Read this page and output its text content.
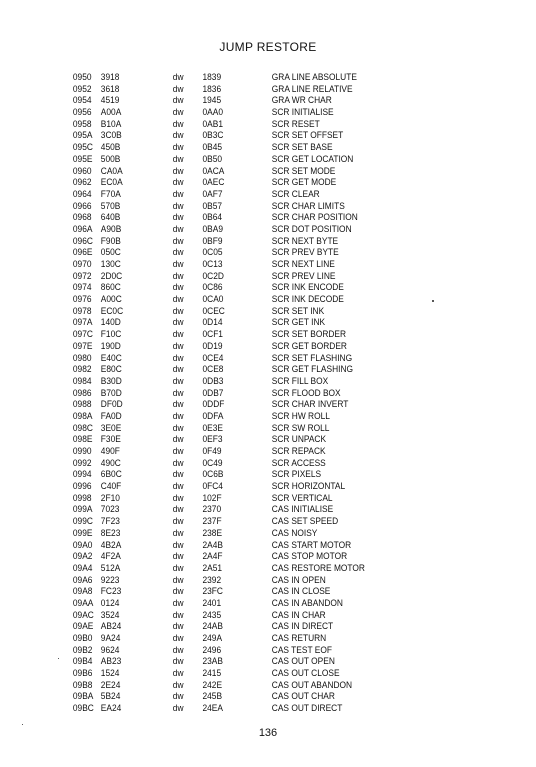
JUMP RESTORE
0950 3918	dw 1839	GRA LINE ABSOLUTE
0952 3618	dw 1836	GRA LINE RELATIVE
0954 4519	dw 1945	GRA WR CHAR
0956 A00A	dw 0AA0	SCR INITIALISE
0958 B10A	dw 0AB1	SCR RESET
095A 3C0B	dw 0B3C	SCR SET OFFSET
095C 450B	dw 0B45	SCR SET BASE
095E 500B	dw 0B50	SCR GET LOCATION
0960 CA0A	dw 0ACA	SCR SET MODE
0962 EC0A	dw 0AEC	SCR GET MODE
0964 F70A	dw 0AF7	SCR CLEAR
0966 570B	dw 0B57	SCR CHAR LIMITS
0968 640B	dw 0B64	SCR CHAR POSITION
096A A90B	dw 0BA9	SCR DOT POSITION
096C F90B	dw 0BF9	SCR NEXT BYTE
096E 050C	dw 0C05	SCR PREV BYTE
0970 130C	dw 0C13	SCR NEXT LINE
0972 2D0C	dw 0C2D	SCR PREV LINE
0974 860C	dw 0C86	SCR INK ENCODE
0976 A00C	dw 0CA0	SCR INK DECODE
0978 EC0C	dw 0CEC	SCR SET INK
097A 140D	dw 0D14	SCR GET INK
097C F10C	dw 0CF1	SCR SET BORDER
097E 190D	dw 0D19	SCR GET BORDER
0980 E40C	dw 0CE4	SCR SET FLASHING
0982 E80C	dw 0CE8	SCR GET FLASHING
0984 B30D	dw 0DB3	SCR FILL BOX
0986 B70D	dw 0DB7	SCR FLOOD BOX
0988 DF0D	dw 0DDF	SCR CHAR INVERT
098A FA0D	dw 0DFA	SCR HW ROLL
098C 3E0E	dw 0E3E	SCR SW ROLL
098E F30E	dw 0EF3	SCR UNPACK
0990 490F	dw 0F49	SCR REPACK
0992 490C	dw 0C49	SCR ACCESS
0994 6B0C	dw 0C6B	SCR PIXELS
0996 C40F	dw 0FC4	SCR HORIZONTAL
0998 2F10	dw 102F	SCR VERTICAL
099A 7023	dw 2370	CAS INITIALISE
099C 7F23	dw 237F	CAS SET SPEED
099E 8E23	dw 238E	CAS NOISY
09A0 4B2A	dw 2A4B	CAS START MOTOR
09A2 4F2A	dw 2A4F	CAS STOP MOTOR
09A4 512A	dw 2A51	CAS RESTORE MOTOR
09A6 9223	dw 2392	CAS IN OPEN
09A8 FC23	dw 23FC	CAS IN CLOSE
09AA 0124	dw 2401	CAS IN ABANDON
09AC 3524	dw 2435	CAS IN CHAR
09AE AB24	dw 24AB	CAS IN DIRECT
09B0 9A24	dw 249A	CAS RETURN
09B2 9624	dw 2496	CAS TEST EOF
09B4 AB23	dw 23AB	CAS OUT OPEN
09B6 1524	dw 2415	CAS OUT CLOSE
09B8 2E24	dw 242E	CAS OUT ABANDON
09BA 5B24	dw 245B	CAS OUT CHAR
09BC EA24	dw 24EA	CAS OUT DIRECT
136
